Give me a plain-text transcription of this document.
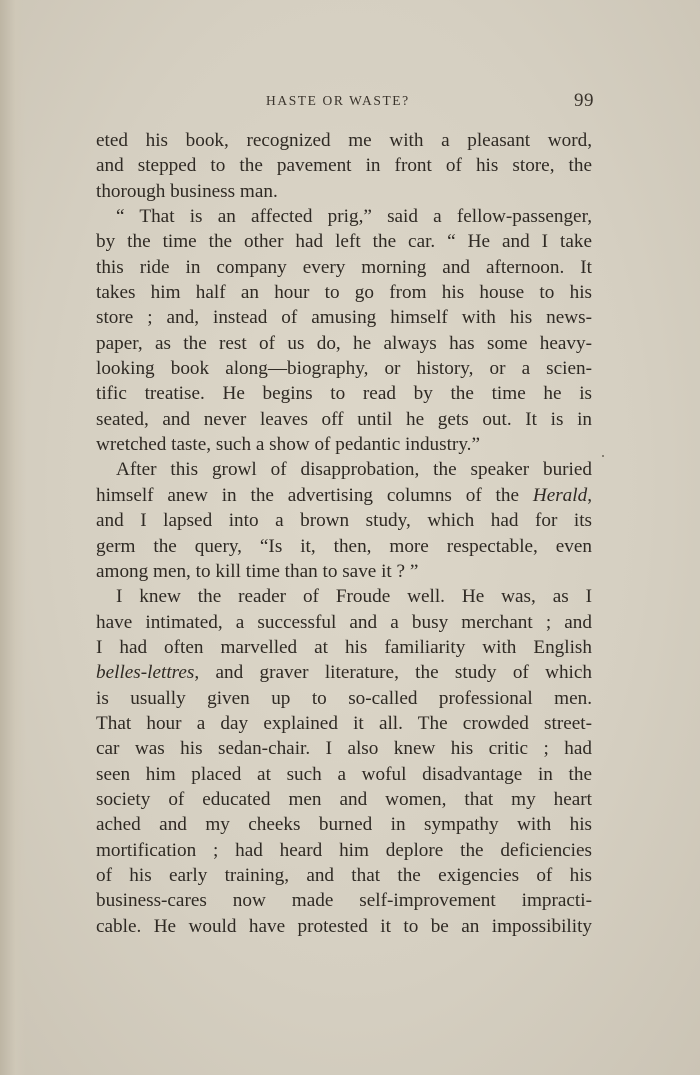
HASTE OR WASTE?	99
eted his book, recognized me with a pleasant word,
and stepped to the pavement in front of his store, the
thorough business man.
“ That is an affected prig,” said a fellow-passenger,
by the time the other had left the car. “ He and I take
this ride in company every morning and afternoon. It
takes him half an hour to go from his house to his
store ; and, instead of amusing himself with his news-
paper, as the rest of us do, he always has some heavy-
looking book along—biography, or history, or a scien-
tific treatise. He begins to read by the time he is
seated, and never leaves off until he gets out. It is in
wretched taste, such a show of pedantic industry.”
After this growl of disapprobation, the speaker buried
himself anew in the advertising columns of the Herald,
and I lapsed into a brown study, which had for its
germ the query, “Is it, then, more respectable, even
among men, to kill time than to save it ? ”
I knew the reader of Froude well. He was, as I
have intimated, a successful and a busy merchant ; and
I had often marvelled at his familiarity with English
belles-lettres, and graver literature, the study of which
is usually given up to so-called professional men.
That hour a day explained it all. The crowded street-
car was his sedan-chair. I also knew his critic ; had
seen him placed at such a woful disadvantage in the
society of educated men and women, that my heart
ached and my cheeks burned in sympathy with his
mortification ; had heard him deplore the deficiencies
of his early training, and that the exigencies of his
business-cares now made self-improvement impracti-
cable. He would have protested it to be an impossibility
